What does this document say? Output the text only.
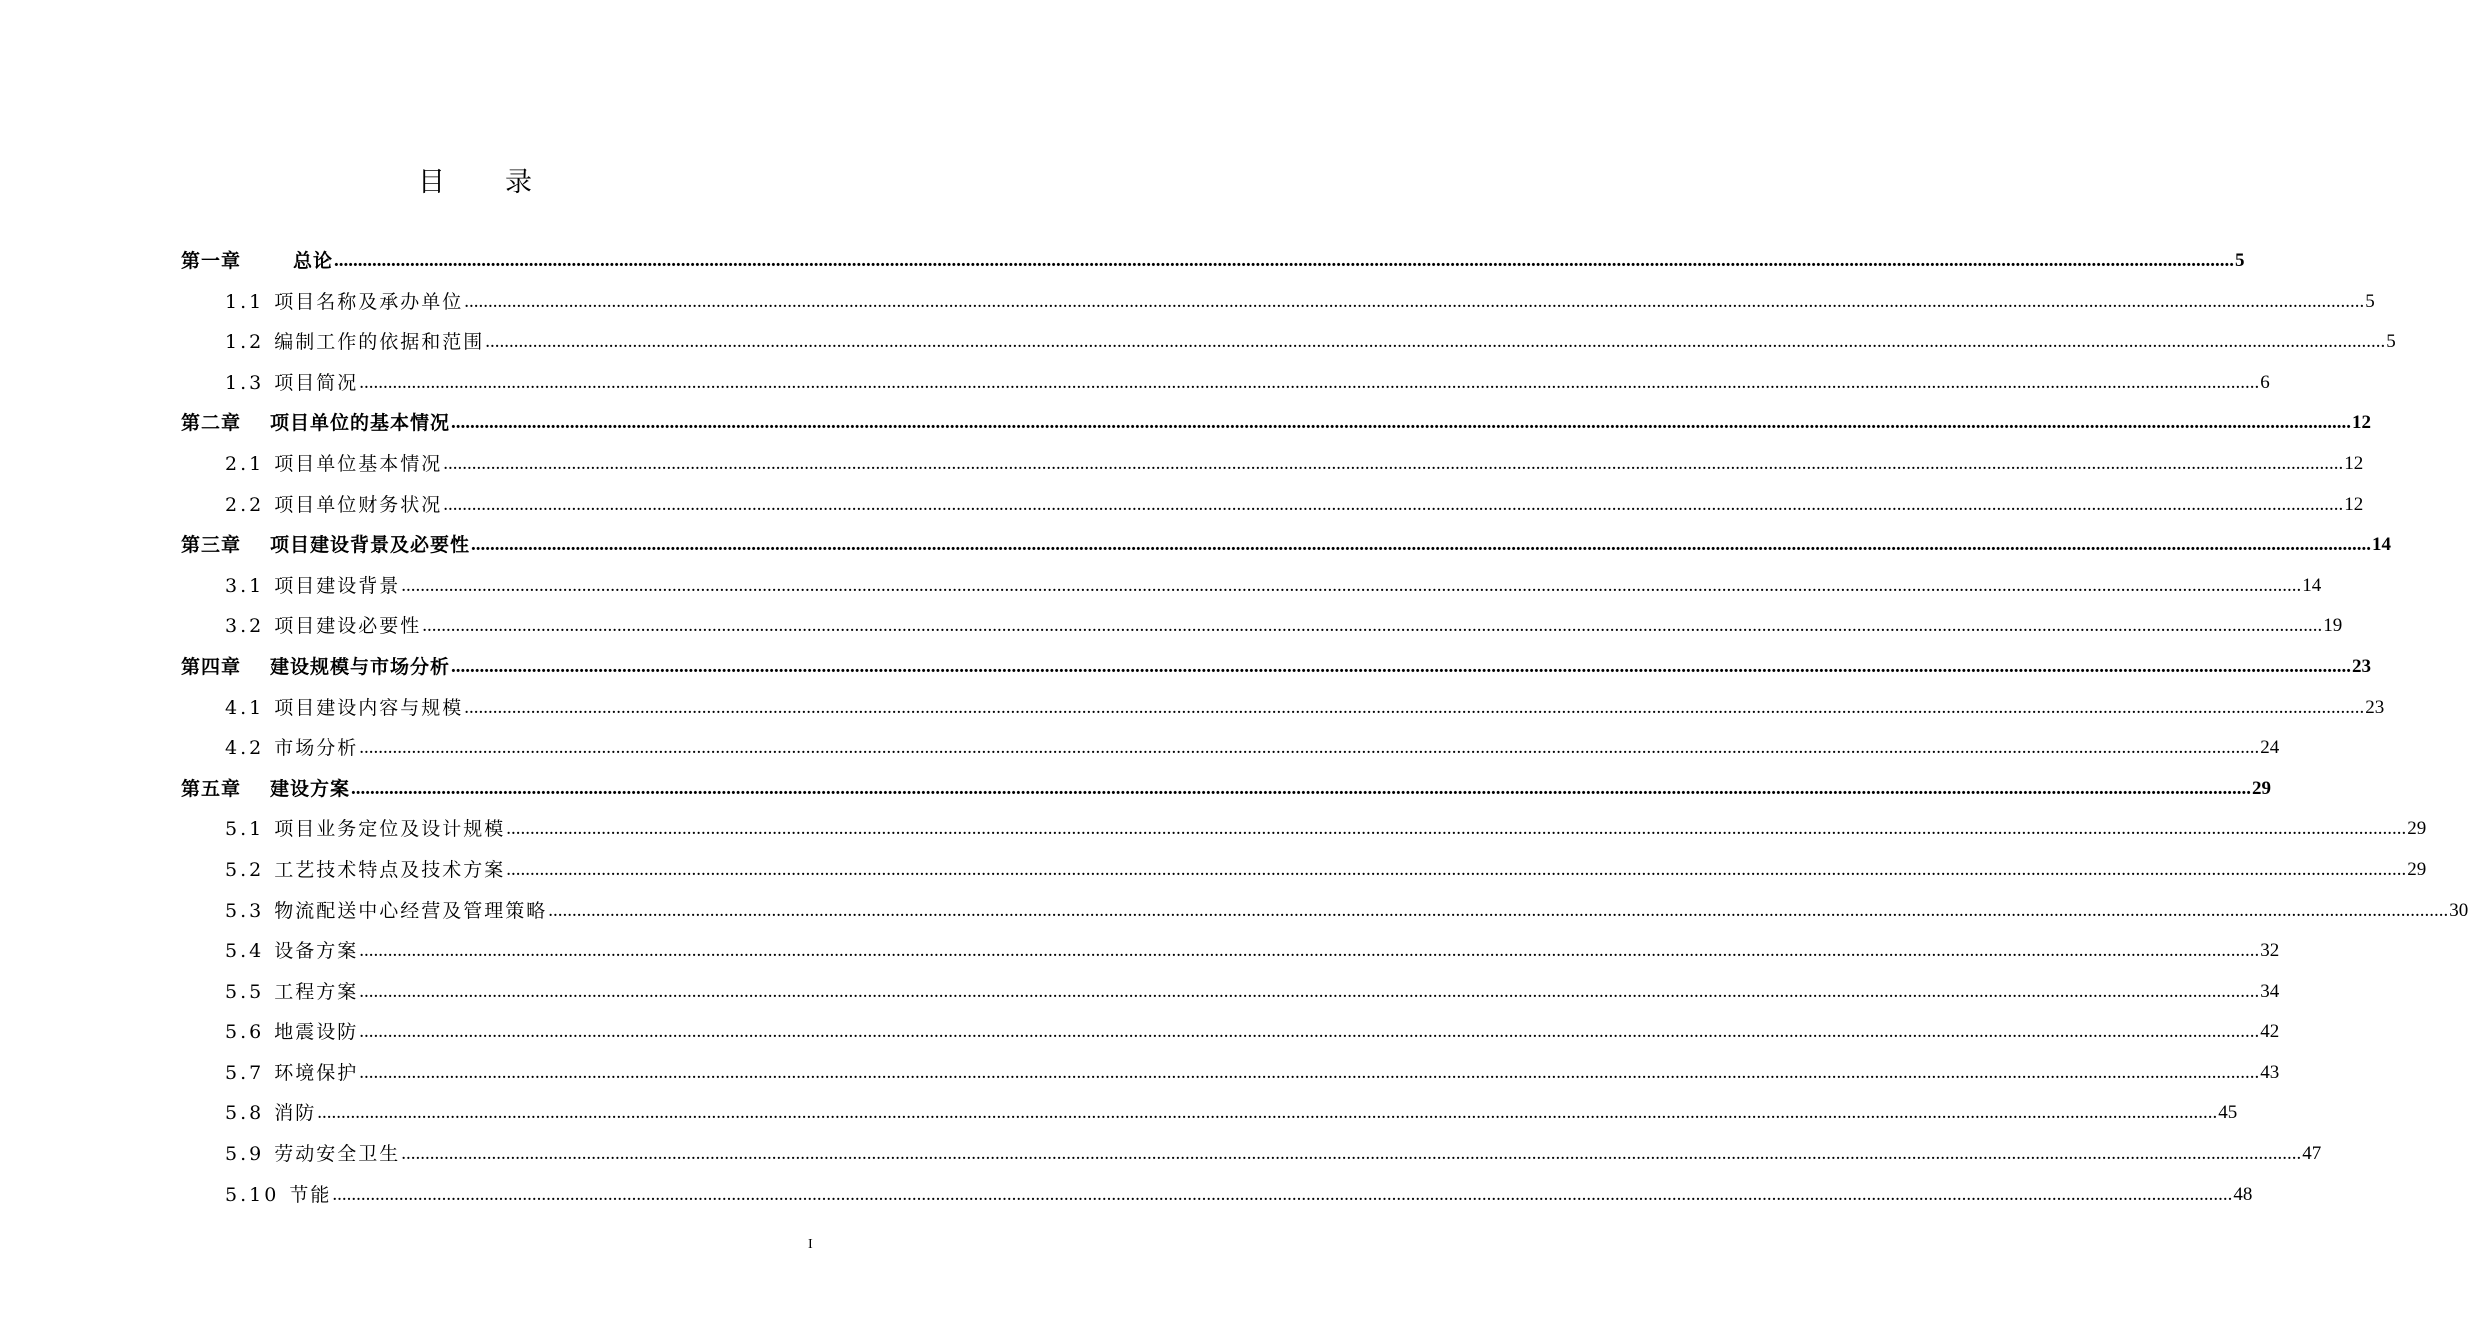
目 录
第一章	总论 ................................................................................................................................................................................................................................................................................................................................................................................................................ 5
1.1 项目名称及承办单位 ................................................................................................................................................................................................................................................................................................................................................................................................................ 5
1.2 编制工作的依据和范围 ................................................................................................................................................................................................................................................................................................................................................................................................................ 5
1.3 项目简况 ................................................................................................................................................................................................................................................................................................................................................................................................................ 6
第二章 项目单位的基本情况 ................................................................................................................................................................................................................................................................................................................................................................................................................ 12
2.1 项目单位基本情况 ................................................................................................................................................................................................................................................................................................................................................................................................................ 12
2.2 项目单位财务状况 ................................................................................................................................................................................................................................................................................................................................................................................................................ 12
第三章 项目建设背景及必要性 ................................................................................................................................................................................................................................................................................................................................................................................................................ 14
3.1 项目建设背景 ................................................................................................................................................................................................................................................................................................................................................................................................................ 14
3.2 项目建设必要性 ................................................................................................................................................................................................................................................................................................................................................................................................................ 19
第四章 建设规模与市场分析 ................................................................................................................................................................................................................................................................................................................................................................................................................ 23
4.1 项目建设内容与规模 ................................................................................................................................................................................................................................................................................................................................................................................................................ 23
4.2 市场分析 ................................................................................................................................................................................................................................................................................................................................................................................................................ 24
第五章 建设方案 ................................................................................................................................................................................................................................................................................................................................................................................................................ 29
5.1 项目业务定位及设计规模 ................................................................................................................................................................................................................................................................................................................................................................................................................ 29
5.2 工艺技术特点及技术方案 ................................................................................................................................................................................................................................................................................................................................................................................................................ 29
5.3 物流配送中心经营及管理策略 ................................................................................................................................................................................................................................................................................................................................................................................................................ 30
5.4 设备方案 ................................................................................................................................................................................................................................................................................................................................................................................................................ 32
5.5 工程方案 ................................................................................................................................................................................................................................................................................................................................................................................................................ 34
5.6 地震设防 ................................................................................................................................................................................................................................................................................................................................................................................................................ 42
5.7 环境保护 ................................................................................................................................................................................................................................................................................................................................................................................................................ 43
5.8 消防 ................................................................................................................................................................................................................................................................................................................................................................................................................ 45
5.9 劳动安全卫生 ................................................................................................................................................................................................................................................................................................................................................................................................................ 47
5.10 节能 ................................................................................................................................................................................................................................................................................................................................................................................................................ 48
I
